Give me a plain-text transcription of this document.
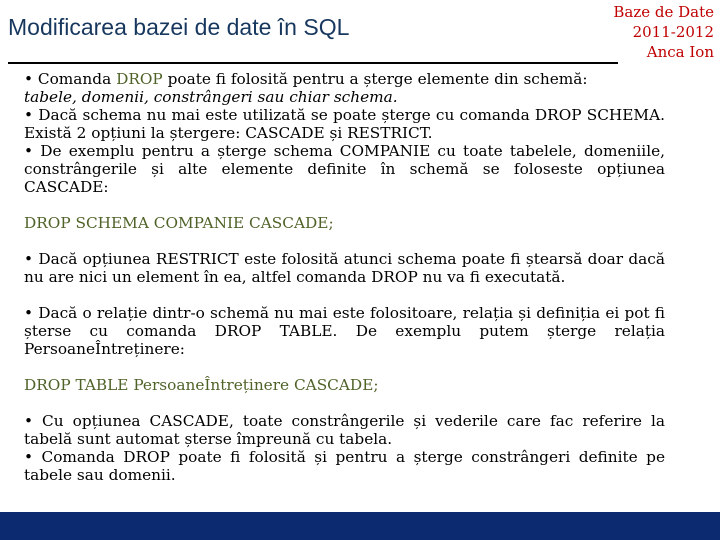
Modificarea bazei de date în SQL
Baze de Date
2011-2012
Anca Ion

• Comanda DROP poate fi folosită pentru a șterge elemente din schemă:

tabele, domenii, constrângeri sau chiar schema.

• Dacă schema nu mai este utilizată se poate șterge cu comanda DROP SCHEMA. Există 2 opțiuni la ștergere: CASCADE și RESTRICT.

• De exemplu pentru a șterge schema COMPANIE cu toate tabelele, domeniile, constrângerile și alte elemente definite în schemă se foloseste opțiunea CASCADE:

DROP SCHEMA COMPANIE CASCADE;

• Dacă opțiunea RESTRICT este folosită atunci schema poate fi ștearsă doar dacă nu are nici un element în ea, altfel comanda DROP nu va fi executată.

• Dacă o relație dintr-o schemă nu mai este folositoare, relația și definiția ei pot fi șterse cu comanda DROP TABLE. De exemplu putem șterge relația PersoaneÎntreținere:

DROP TABLE PersoaneÎntreținere CASCADE;

• Cu opțiunea CASCADE, toate constrângerile și vederile care fac referire la tabelă sunt automat șterse împreună cu tabela.

• Comanda DROP poate fi folosită și pentru a șterge constrângeri definite pe tabele sau domenii.
